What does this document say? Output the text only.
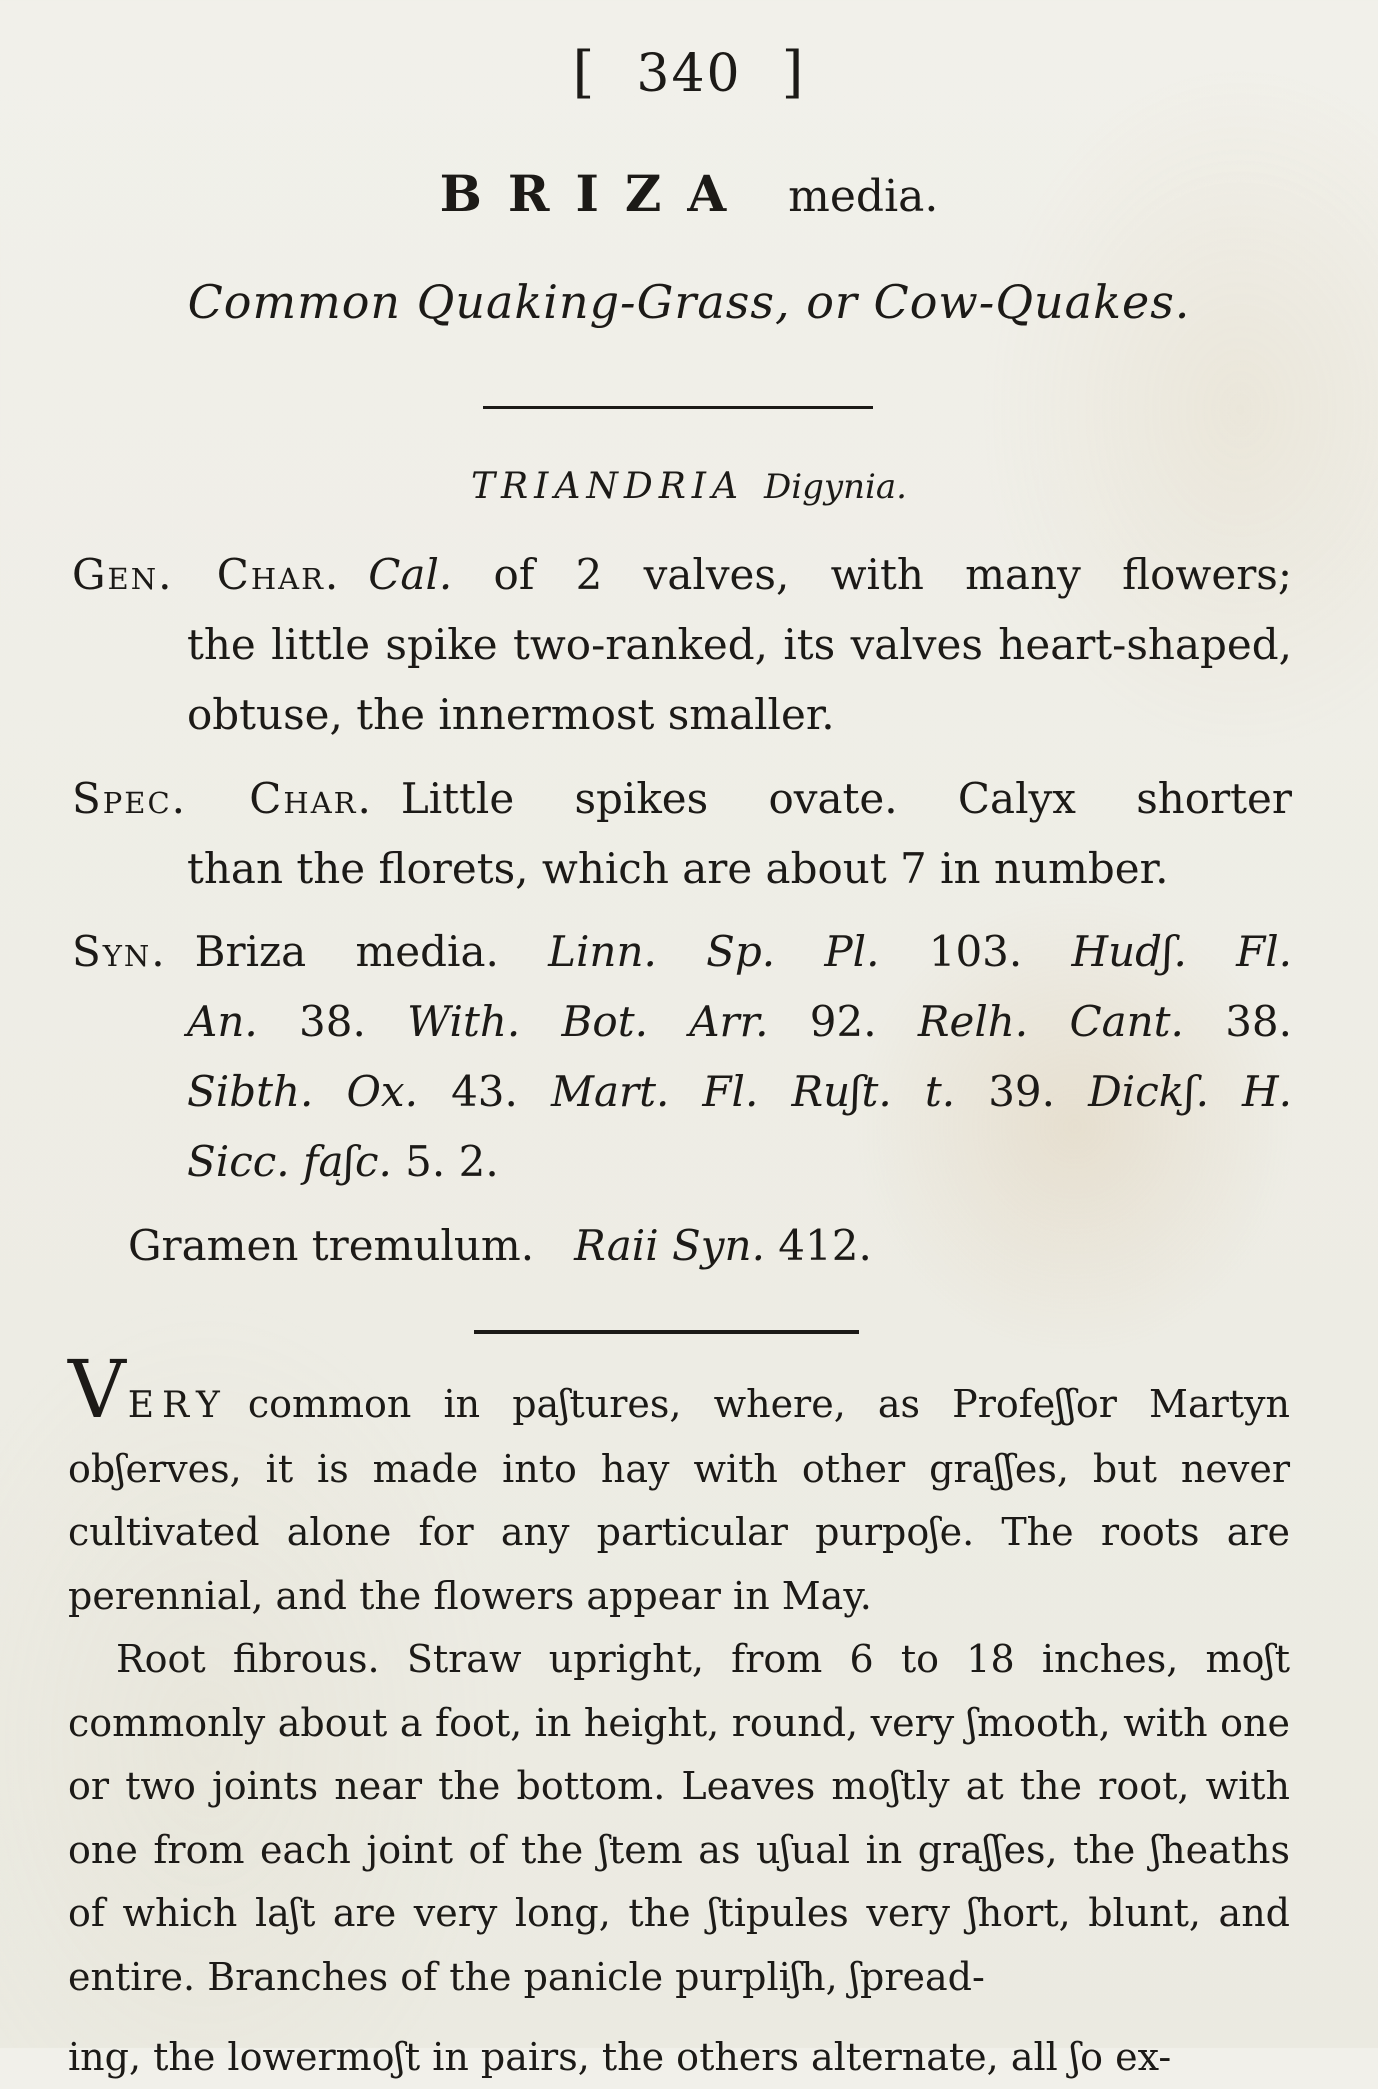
[ 340 ]
BRIZA media.
Common Quaking-Grass, or Cow-Quakes.
TRIANDRIA Digynia.
Gen. Char. Cal. of 2 valves, with many flowers;
the little spike two-ranked, its valves heart-shaped, obtuse, the innermost smaller.
Spec. Char. Little spikes ovate. Calyx shorter
than the florets, which are about 7 in number.
Syn. Briza media. Linn. Sp. Pl. 103. Hudʃ. Fl.
An. 38. With. Bot. Arr. 92. Relh. Cant. 38.
Sibth. Ox. 43. Mart. Fl. Ruʃt. t. 39. Dickʃ. H.
Sicc. faʃc. 5. 2.
Gramen tremulum. Raii Syn. 412.

VERY common in paʃtures, where, as Profeʃʃor Martyn obʃerves, it is made into hay with other graʃʃes, but never cultivated alone for any particular purpoʃe. The roots are perennial, and the flowers appear in May.

Root fibrous. Straw upright, from 6 to 18 inches, moʃt commonly about a foot, in height, round, very ʃmooth, with one or two joints near the bottom. Leaves moʃtly at the root, with one from each joint of the ʃtem as uʃual in graʃʃes, the ʃheaths of which laʃt are very long, the ʃtipules very ʃhort, blunt, and entire. Branches of the panicle purpliʃh, ʃpread-

ing, the lowermoʃt in pairs, the others alternate, all ʃo ex-
